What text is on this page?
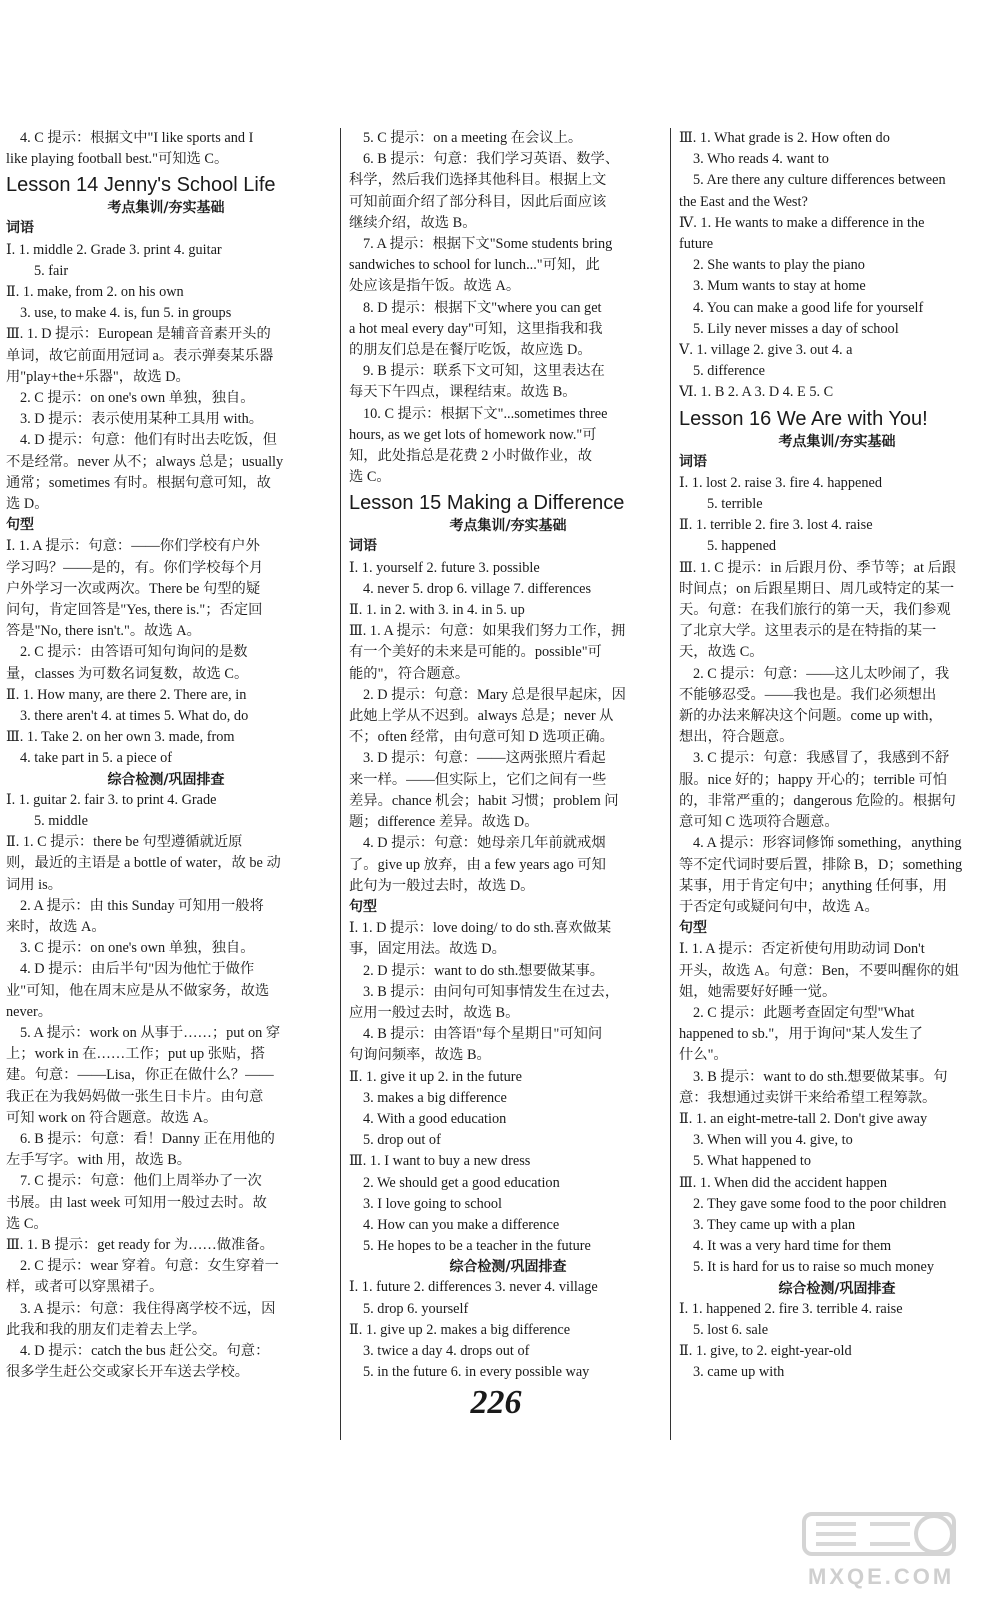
4. C 提示：根据文中"I like sports and I
like playing football best."可知选 C。
Lesson 14 Jenny's School Life
考点集训/夯实基础
词语
Ⅰ. 1. middle 2. Grade 3. print 4. guitar
5. fair
Ⅱ. 1. make, from 2. on his own
3. use, to make 4. is, fun 5. in groups
Ⅲ. 1. D 提示：European 是辅音音素开头的
单词，故它前面用冠词 a。表示弹奏某乐器
用"play+the+乐器"，故选 D。
2. C 提示：on one's own 单独，独自。
3. D 提示：表示使用某种工具用 with。
4. D 提示：句意：他们有时出去吃饭，但
不是经常。never 从不；always 总是；usually
通常；sometimes 有时。根据句意可知，故
选 D。
句型
Ⅰ. 1. A 提示：句意：——你们学校有户外
学习吗？——是的，有。你们学校每个月
户外学习一次或两次。There be 句型的疑
问句，肯定回答是"Yes, there is."；否定回
答是"No, there isn't."。故选 A。
2. C 提示：由答语可知句询问的是数
量，classes 为可数名词复数，故选 C。
Ⅱ. 1. How many, are there 2. There are, in
3. there aren't 4. at times 5. What do, do
Ⅲ. 1. Take 2. on her own 3. made, from
4. take part in 5. a piece of
综合检测/巩固排查
Ⅰ. 1. guitar 2. fair 3. to print 4. Grade
5. middle
Ⅱ. 1. C 提示：there be 句型遵循就近原
则，最近的主语是 a bottle of water，故 be 动
词用 is。
2. A 提示：由 this Sunday 可知用一般将
来时，故选 A。
3. C 提示：on one's own 单独，独自。
4. D 提示：由后半句"因为他忙于做作
业"可知，他在周末应是从不做家务，故选
never。
5. A 提示：work on 从事于……；put on 穿
上；work in 在……工作；put up 张贴，搭
建。句意：——Lisa，你正在做什么？——
我正在为我妈妈做一张生日卡片。由句意
可知 work on 符合题意。故选 A。
6. B 提示：句意：看！Danny 正在用他的
左手写字。with 用，故选 B。
7. C 提示：句意：他们上周举办了一次
书展。由 last week 可知用一般过去时。故
选 C。
Ⅲ. 1. B 提示：get ready for 为……做准备。
2. C 提示：wear 穿着。句意：女生穿着一
样，或者可以穿黑裙子。
3. A 提示：句意：我住得离学校不远，因
此我和我的朋友们走着去上学。
4. D 提示：catch the bus 赶公交。句意：
很多学生赶公交或家长开车送去学校。
5. C 提示：on a meeting 在会议上。
6. B 提示：句意：我们学习英语、数学、
科学，然后我们选择其他科目。根据上文
可知前面介绍了部分科目，因此后面应该
继续介绍，故选 B。
7. A 提示：根据下文"Some students bring
sandwiches to school for lunch..."可知，此
处应该是指午饭。故选 A。
8. D 提示：根据下文"where you can get
a hot meal every day"可知，这里指我和我
的朋友们总是在餐厅吃饭，故应选 D。
9. B 提示：联系下文可知，这里表达在
每天下午四点，课程结束。故选 B。
10. C 提示：根据下文"...sometimes three
hours, as we get lots of homework now."可
知，此处指总是花费 2 小时做作业，故
选 C。
Lesson 15 Making a Difference
考点集训/夯实基础
词语
Ⅰ. 1. yourself 2. future 3. possible
4. never 5. drop 6. village 7. differences
Ⅱ. 1. in 2. with 3. in 4. in 5. up
Ⅲ. 1. A 提示：句意：如果我们努力工作，拥
有一个美好的未来是可能的。possible"可
能的"，符合题意。
2. D 提示：句意：Mary 总是很早起床，因
此她上学从不迟到。always 总是；never 从
不；often 经常，由句意可知 D 选项正确。
3. D 提示：句意：——这两张照片看起
来一样。——但实际上，它们之间有一些
差异。chance 机会；habit 习惯；problem 问
题；difference 差异。故选 D。
4. D 提示：句意：她母亲几年前就戒烟
了。give up 放弃，由 a few years ago 可知
此句为一般过去时，故选 D。
句型
Ⅰ. 1. D 提示：love doing/ to do sth.喜欢做某
事，固定用法。故选 D。
2. D 提示：want to do sth.想要做某事。
3. B 提示：由问句可知事情发生在过去，
应用一般过去时，故选 B。
4. B 提示：由答语"每个星期日"可知问
句询问频率，故选 B。
Ⅱ. 1. give it up 2. in the future
3. makes a big difference
4. With a good education
5. drop out of
Ⅲ. 1. I want to buy a new dress
2. We should get a good education
3. I love going to school
4. How can you make a difference
5. He hopes to be a teacher in the future
综合检测/巩固排查
Ⅰ. 1. future 2. differences 3. never 4. village
5. drop 6. yourself
Ⅱ. 1. give up 2. makes a big difference
3. twice a day 4. drops out of
5. in the future 6. in every possible way
Ⅲ. 1. What grade is 2. How often do
3. Who reads 4. want to
5. Are there any culture differences between
the East and the West?
Ⅳ. 1. He wants to make a difference in the
future
2. She wants to play the piano
3. Mum wants to stay at home
4. You can make a good life for yourself
5. Lily never misses a day of school
Ⅴ. 1. village 2. give 3. out 4. a
5. difference
Ⅵ. 1. B 2. A 3. D 4. E 5. C
Lesson 16 We Are with You!
考点集训/夯实基础
词语
Ⅰ. 1. lost 2. raise 3. fire 4. happened
5. terrible
Ⅱ. 1. terrible 2. fire 3. lost 4. raise
5. happened
Ⅲ. 1. C 提示：in 后跟月份、季节等；at 后跟
时间点；on 后跟星期日、周几或特定的某一
天。句意：在我们旅行的第一天，我们参观
了北京大学。这里表示的是在特指的某一
天，故选 C。
2. C 提示：句意：——这儿太吵闹了，我
不能够忍受。——我也是。我们必须想出
新的办法来解决这个问题。come up with，
想出，符合题意。
3. C 提示：句意：我感冒了，我感到不舒
服。nice 好的；happy 开心的；terrible 可怕
的，非常严重的；dangerous 危险的。根据句
意可知 C 选项符合题意。
4. A 提示：形容词修饰 something，anything
等不定代词时要后置，排除 B，D；something
某事，用于肯定句中；anything 任何事，用
于否定句或疑问句中，故选 A。
句型
Ⅰ. 1. A 提示：否定祈使句用助动词 Don't
开头，故选 A。句意：Ben，不要叫醒你的姐
姐，她需要好好睡一觉。
2. C 提示：此题考查固定句型"What
happened to sb."，用于询问"某人发生了
什么"。
3. B 提示：want to do sth.想要做某事。句
意：我想通过卖饼干来给希望工程筹款。
Ⅱ. 1. an eight-metre-tall 2. Don't give away
3. When will you 4. give, to
5. What happened to
Ⅲ. 1. When did the accident happen
2. They gave some food to the poor children
3. They came up with a plan
4. It was a very hard time for them
5. It is hard for us to raise so much money
综合检测/巩固排查
Ⅰ. 1. happened 2. fire 3. terrible 4. raise
5. lost 6. sale
Ⅱ. 1. give, to 2. eight-year-old
3. came up with
226
MXQE.COM
